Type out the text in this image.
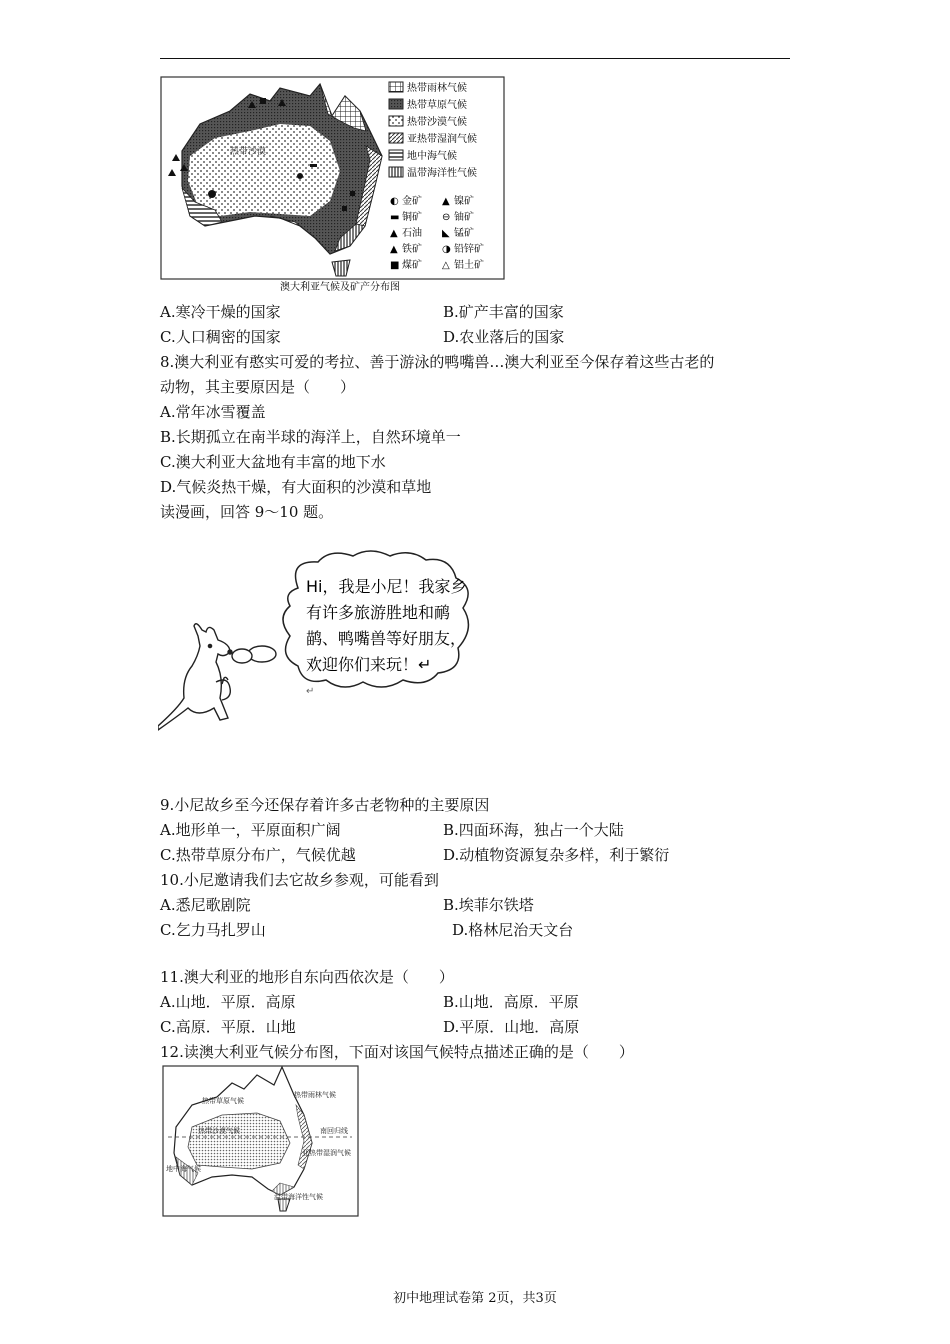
热带沙漠
热带雨林气候
热带草原气候
热带沙漠气候
亚热带湿润气候
地中海气候
温带海洋性气候
◐ 金矿 ▲ 镍矿
▬ 铜矿 ⊖ 铀矿
▲ 石油 ◣ 锰矿
▲ 铁矿 ◑ 铅锌矿
■ 煤矿 △ 铝土矿
澳大利亚气候及矿产分布图
A.寒冷干燥的国家	B.矿产丰富的国家
C.人口稠密的国家	D.农业落后的国家
8.澳大利亚有憨实可爱的考拉、善于游泳的鸭嘴兽…澳大利亚至今保存着这些古老的
动物，其主要原因是（　　）
A.常年冰雪覆盖
B.长期孤立在南半球的海洋上，自然环境单一
C.澳大利亚大盆地有丰富的地下水
D.气候炎热干燥，有大面积的沙漠和草地
读漫画，回答 9～10 题。
Hi，我是小尼！我家乡
有许多旅游胜地和鸸
鹋、鸭嘴兽等好朋友，
欢迎你们来玩！↵
↵
9.小尼故乡至今还保存着许多古老物种的主要原因
A.地形单一，平原面积广阔	B.四面环海，独占一个大陆
C.热带草原分布广，气候优越	D.动植物资源复杂多样，利于繁衍
10.小尼邀请我们去它故乡参观，可能看到
A.悉尼歌剧院	B.埃菲尔铁塔
C.乞力马扎罗山	D.格林尼治天文台
11.澳大利亚的地形自东向西依次是（　　）
A.山地．平原．高原	B.山地．高原．平原
C.高原．平原．山地	D.平原．山地．高原
12.读澳大利亚气候分布图，下面对该国气候特点描述正确的是（　　）
热带草原气候
热带雨林气候
热带沙漠气候	南回归线
亚热带湿润气候
地中海气候
温带海洋性气候
初中地理试卷第 2页，共3页
